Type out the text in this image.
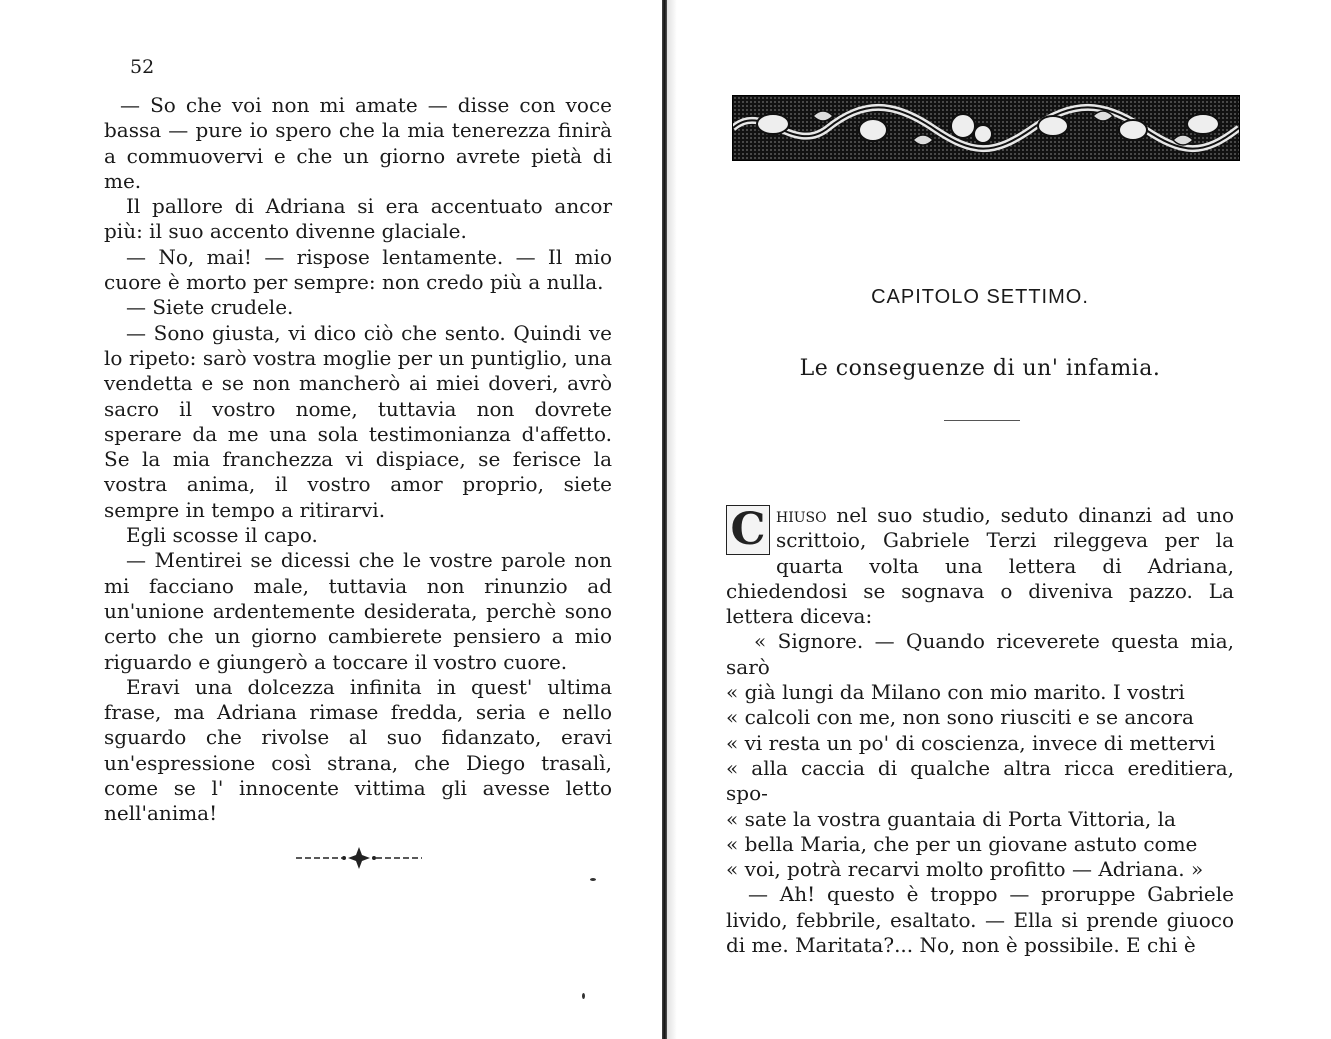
52

— So che voi non mi amate — disse con voce bassa — pure io spero che la mia tenerezza finirà a commuovervi e che un giorno avrete pietà di me.

Il pallore di Adriana si era accentuato ancor più: il suo accento divenne glaciale.

— No, mai! — rispose lentamente. — Il mio cuore è morto per sempre: non credo più a nulla.

— Siete crudele.

— Sono giusta, vi dico ciò che sento. Quindi ve lo ripeto: sarò vostra moglie per un puntiglio, una vendetta e se non mancherò ai miei doveri, avrò sacro il vostro nome, tuttavia non dovrete sperare da me una sola testimonianza d'affetto. Se la mia franchezza vi dispiace, se ferisce la vostra anima, il vostro amor proprio, siete sempre in tempo a ritirarvi.

Egli scosse il capo.

— Mentirei se dicessi che le vostre parole non mi facciano male, tuttavia non rinunzio ad un'unione ardentemente desiderata, perchè sono certo che un giorno cambierete pensiero a mio riguardo e giungerò a toccare il vostro cuore.

Eravi una dolcezza infinita in quest' ultima frase, ma Adriana rimase fredda, seria e nello sguardo che rivolse al suo fidanzato, eravi un'espressione così strana, che Diego trasalì, come se l' innocente vittima gli avesse letto nell'anima!

CAPITOLO SETTIMO.
Le conseguenze di un' infamia.

C hiuso nel suo studio, seduto dinanzi ad uno scrittoio, Gabriele Terzi rileggeva per la quarta volta una lettera di Adriana, chiedendosi se sognava o diveniva pazzo. La lettera diceva:

« Signore. — Quando riceverete questa mia, sarò

« già lungi da Milano con mio marito. I vostri

« calcoli con me, non sono riusciti e se ancora

« vi resta un po' di coscienza, invece di mettervi

« alla caccia di qualche altra ricca ereditiera, spo-

« sate la vostra guantaia di Porta Vittoria, la

« bella Maria, che per un giovane astuto come

« voi, potrà recarvi molto profitto — Adriana. »

— Ah! questo è troppo — proruppe Gabriele livido, febbrile, esaltato. — Ella si prende giuoco di me. Maritata?... No, non è possibile. E chi è
